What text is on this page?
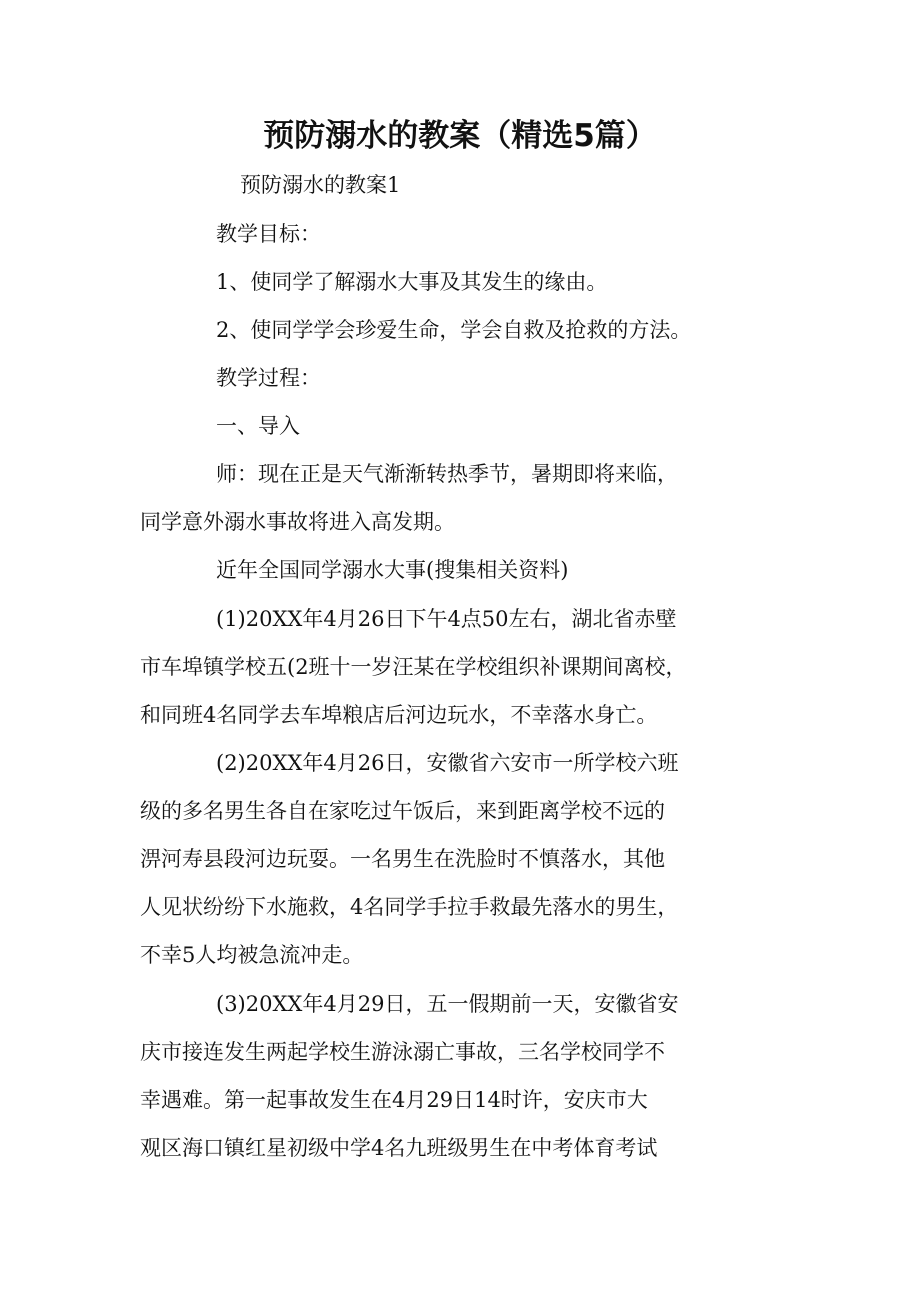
预防溺水的教案（精选5篇）

预防溺水的教案1

教学目标：

1、使同学了解溺水大事及其发生的缘由。

2、使同学学会珍爱生命，学会自救及抢救的方法。

教学过程：

一、导入

师：现在正是天气渐渐转热季节，暑期即将来临，

同学意外溺水事故将进入高发期。

近年全国同学溺水大事(搜集相关资料)

(1)20XX年4月26日下午4点50左右，湖北省赤壁

市车埠镇学校五(2班十一岁汪某在学校组织补课期间离校，

和同班4名同学去车埠粮店后河边玩水，不幸落水身亡。

(2)20XX年4月26日，安徽省六安市一所学校六班

级的多名男生各自在家吃过午饭后，来到距离学校不远的

淠河寿县段河边玩耍。一名男生在洗脸时不慎落水，其他

人见状纷纷下水施救，4名同学手拉手救最先落水的男生，

不幸5人均被急流冲走。

(3)20XX年4月29日，五一假期前一天，安徽省安

庆市接连发生两起学校生游泳溺亡事故，三名学校同学不

幸遇难。第一起事故发生在4月29日14时许，安庆市大

观区海口镇红星初级中学4名九班级男生在中考体育考试
